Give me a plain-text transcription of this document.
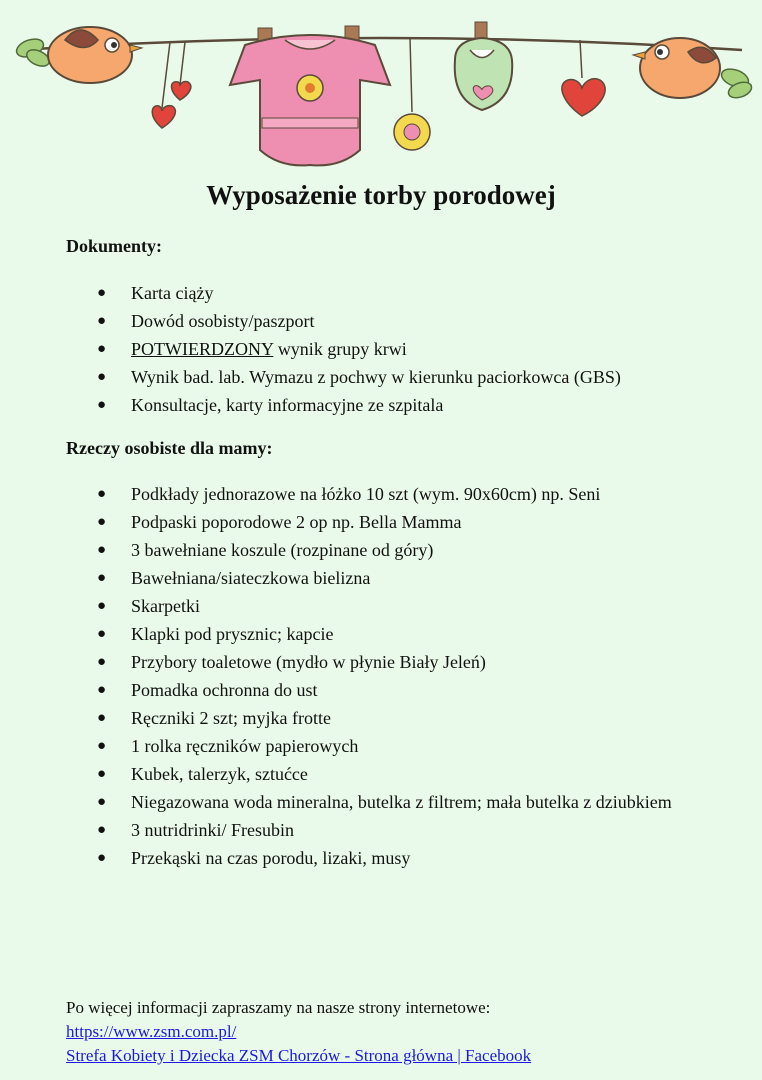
Wyposażenie torby porodowej
Dokumenty:
● Karta ciąży
● Dowód osobisty/paszport
● POTWIERDZONY wynik grupy krwi
● Wynik bad. lab. Wymazu z pochwy w kierunku paciorkowca (GBS)
● Konsultacje, karty informacyjne ze szpitala
Rzeczy osobiste dla mamy:
● Podkłady jednorazowe na łóżko 10 szt (wym. 90x60cm) np. Seni
● Podpaski poporodowe 2 op np. Bella Mamma
● 3 bawełniane koszule (rozpinane od góry)
● Bawełniana/siateczkowa bielizna
● Skarpetki
● Klapki pod prysznic; kapcie
● Przybory toaletowe (mydło w płynie Biały Jeleń)
● Pomadka ochronna do ust
● Ręczniki 2 szt; myjka frotte
● 1 rolka ręczników papierowych
● Kubek, talerzyk, sztućce
● Niegazowana woda mineralna, butelka z filtrem; mała butelka z dziubkiem
● 3 nutridrinki/ Fresubin
● Przekąski na czas porodu, lizaki, musy
Po więcej informacji zapraszamy na nasze strony internetowe:
https://www.zsm.com.pl/
Strefa Kobiety i Dziecka ZSM Chorzów - Strona główna | Facebook
